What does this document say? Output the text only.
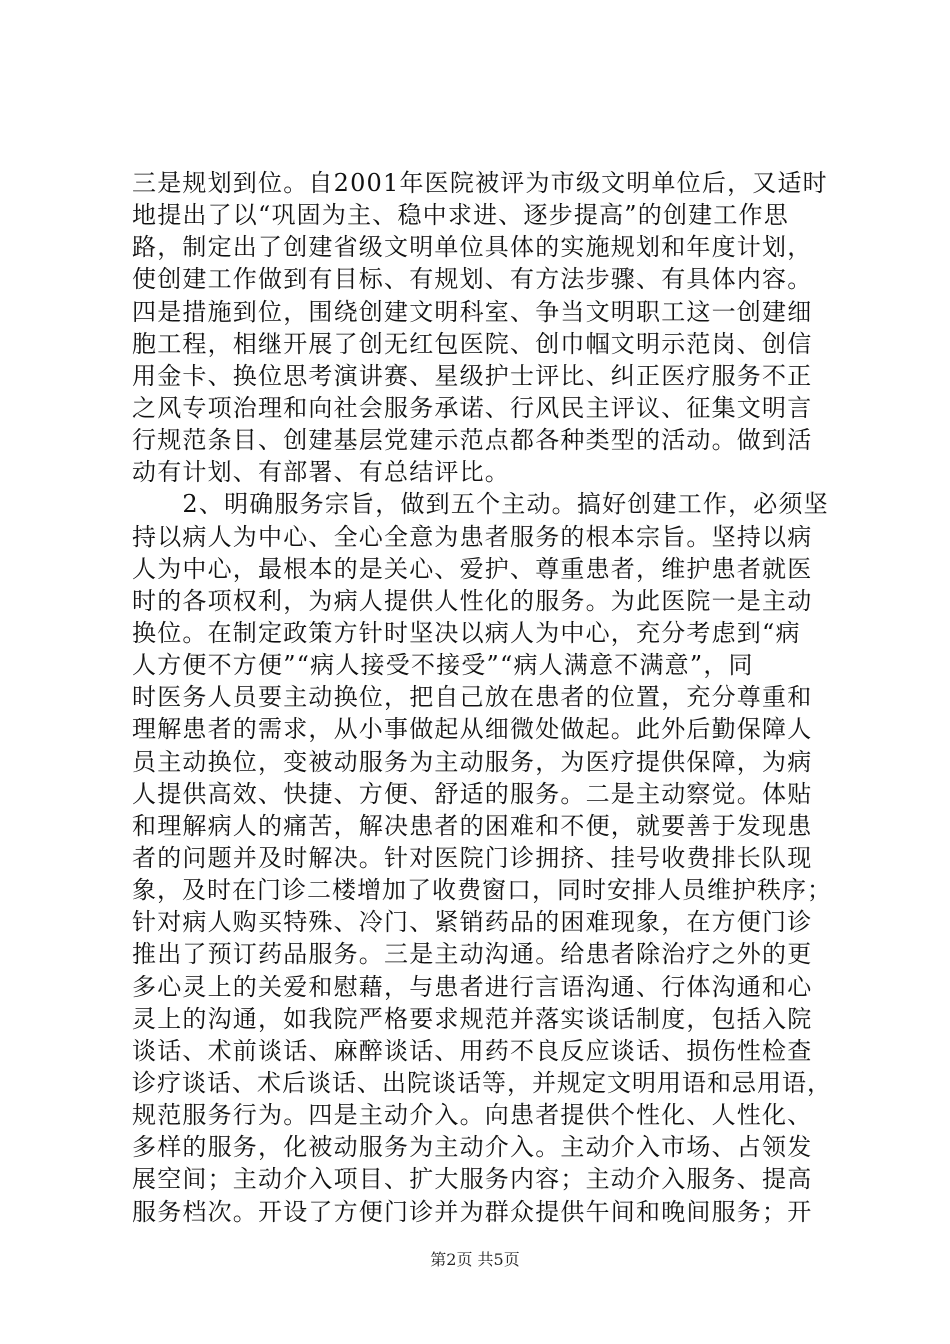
三是规划到位。自2001年医院被评为市级文明单位后，又适时
地提出了以“巩固为主、稳中求进、逐步提高”的创建工作思
路，制定出了创建省级文明单位具体的实施规划和年度计划，
使创建工作做到有目标、有规划、有方法步骤、有具体内容。
四是措施到位，围绕创建文明科室、争当文明职工这一创建细
胞工程，相继开展了创无红包医院、创巾帼文明示范岗、创信
用金卡、换位思考演讲赛、星级护士评比、纠正医疗服务不正
之风专项治理和向社会服务承诺、行风民主评议、征集文明言
行规范条目、创建基层党建示范点都各种类型的活动。做到活
动有计划、有部署、有总结评比。
　　2、明确服务宗旨，做到五个主动。搞好创建工作，必须坚
持以病人为中心、全心全意为患者服务的根本宗旨。坚持以病
人为中心，最根本的是关心、爱护、尊重患者，维护患者就医
时的各项权利，为病人提供人性化的服务。为此医院一是主动
换位。在制定政策方针时坚决以病人为中心，充分考虑到“病
人方便不方便”“病人接受不接受”“病人满意不满意”，同
时医务人员要主动换位，把自己放在患者的位置，充分尊重和
理解患者的需求，从小事做起从细微处做起。此外后勤保障人
员主动换位，变被动服务为主动服务，为医疗提供保障，为病
人提供高效、快捷、方便、舒适的服务。二是主动察觉。体贴
和理解病人的痛苦，解决患者的困难和不便，就要善于发现患
者的问题并及时解决。针对医院门诊拥挤、挂号收费排长队现
象，及时在门诊二楼增加了收费窗口，同时安排人员维护秩序；
针对病人购买特殊、冷门、紧销药品的困难现象，在方便门诊
推出了预订药品服务。三是主动沟通。给患者除治疗之外的更
多心灵上的关爱和慰藉，与患者进行言语沟通、行体沟通和心
灵上的沟通，如我院严格要求规范并落实谈话制度，包括入院
谈话、术前谈话、麻醉谈话、用药不良反应谈话、损伤性检查
诊疗谈话、术后谈话、出院谈话等，并规定文明用语和忌用语，
规范服务行为。四是主动介入。向患者提供个性化、人性化、
多样的服务，化被动服务为主动介入。主动介入市场、占领发
展空间；主动介入项目、扩大服务内容；主动介入服务、提高
服务档次。开设了方便门诊并为群众提供午间和晚间服务；开
第2页 共5页
